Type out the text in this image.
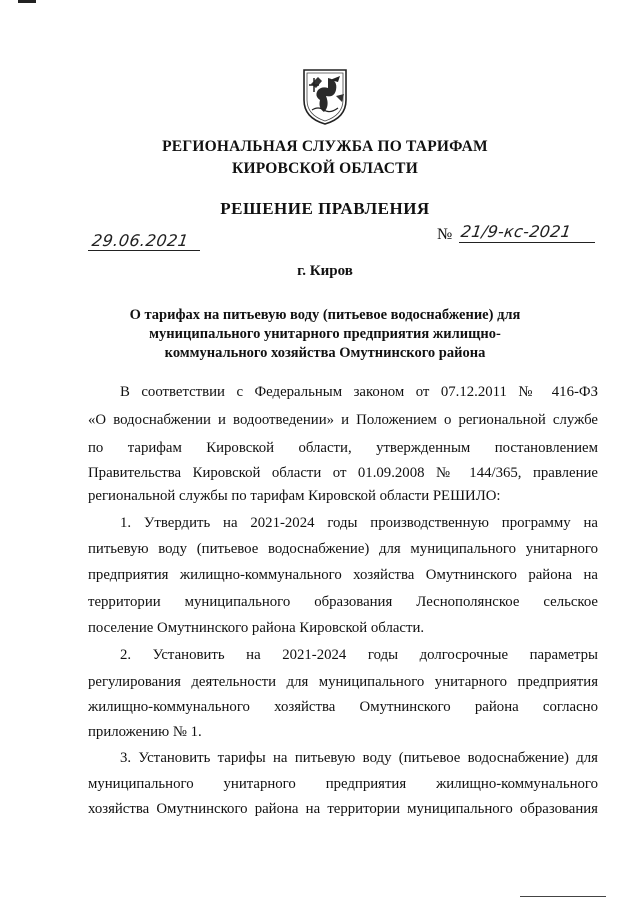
РЕГИОНАЛЬНАЯ СЛУЖБА ПО ТАРИФАМ
КИРОВСКОЙ ОБЛАСТИ
РЕШЕНИЕ ПРАВЛЕНИЯ
29.06.2021	№ 21/9-кс-2021
г. Киров
О тарифах на питьевую воду (питьевое водоснабжение) для
муниципального унитарного предприятия жилищно-
коммунального хозяйства Омутнинского района
В соответствии с Федеральным законом от 07.12.2011 № 416-ФЗ
«О водоснабжении и водоотведении» и Положением о региональной службе
по тарифам Кировской области, утвержденным постановлением
Правительства Кировской области от 01.09.2008 № 144/365, правление
региональной службы по тарифам Кировской области РЕШИЛО:
1. Утвердить на 2021-2024 годы производственную программу на
питьевую воду (питьевое водоснабжение) для муниципального унитарного
предприятия жилищно-коммунального хозяйства Омутнинского района на
территории муниципального образования Леснополянское сельское
поселение Омутнинского района Кировской области.
2. Установить на 2021-2024 годы долгосрочные параметры
регулирования деятельности для муниципального унитарного предприятия
жилищно-коммунального хозяйства Омутнинского района согласно
приложению № 1.
3. Установить тарифы на питьевую воду (питьевое водоснабжение) для
муниципального унитарного предприятия жилищно-коммунального
хозяйства Омутнинского района на территории муниципального образования
